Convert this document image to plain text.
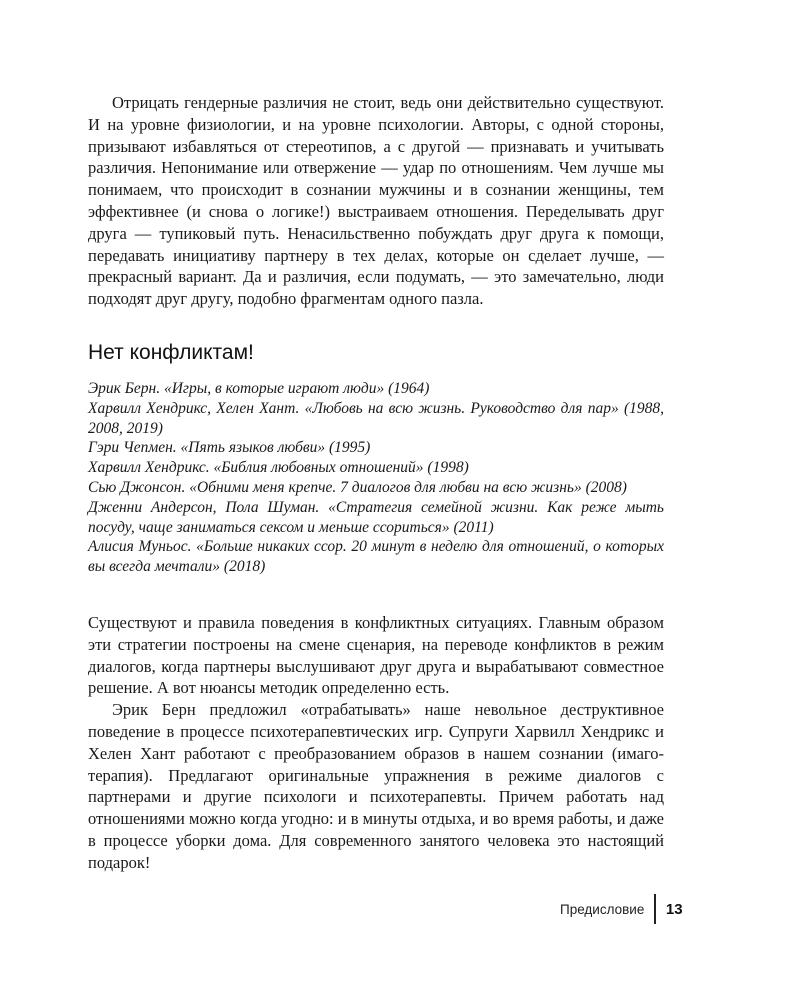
Отрицать гендерные различия не стоит, ведь они действительно существуют. И на уровне физиологии, и на уровне психологии. Авторы, с одной стороны, призывают избавляться от стереотипов, а с другой — признавать и учитывать различия. Непонимание или отвержение — удар по отношениям. Чем лучше мы понимаем, что происходит в сознании мужчины и в сознании женщины, тем эффективнее (и снова о логике!) выстраиваем отношения. Переделывать друг друга — тупиковый путь. Ненасильственно побуждать друг друга к помощи, передавать инициативу партнеру в тех делах, которые он сделает лучше, — прекрасный вариант. Да и различия, если подумать, — это замечательно, люди подходят друг другу, подобно фрагментам одного пазла.

Нет конфликтам!
Эрик Берн. «Игры, в которые играют люди» (1964)
Харвилл Хендрикс, Хелен Хант. «Любовь на всю жизнь. Руководство для пар» (1988, 2008, 2019)
Гэри Чепмен. «Пять языков любви» (1995)
Харвилл Хендрикс. «Библия любовных отношений» (1998)
Сью Джонсон. «Обними меня крепче. 7 диалогов для любви на всю жизнь» (2008)
Дженни Андерсон, Пола Шуман. «Стратегия семейной жизни. Как реже мыть посуду, чаще заниматься сексом и меньше ссориться» (2011)
Алисия Муньос. «Больше никаких ссор. 20 минут в неделю для отношений, о которых вы всегда мечтали» (2018)

Существуют и правила поведения в конфликтных ситуациях. Главным образом эти стратегии построены на смене сценария, на переводе конфликтов в режим диалогов, когда партнеры выслушивают друг друга и вырабатывают совместное решение. А вот нюансы методик определенно есть.

Эрик Берн предложил «отрабатывать» наше невольное деструктивное поведение в процессе психотерапевтических игр. Супруги Харвилл Хендрикс и Хелен Хант работают с преобразованием образов в нашем сознании (имаго-терапия). Предлагают оригинальные упражнения в режиме диалогов с партнерами и другие психологи и психотерапевты. Причем работать над отношениями можно когда угодно: и в минуты отдыха, и во время работы, и даже в процессе уборки дома. Для современного занятого человека это настоящий подарок!

Предисловие	13
